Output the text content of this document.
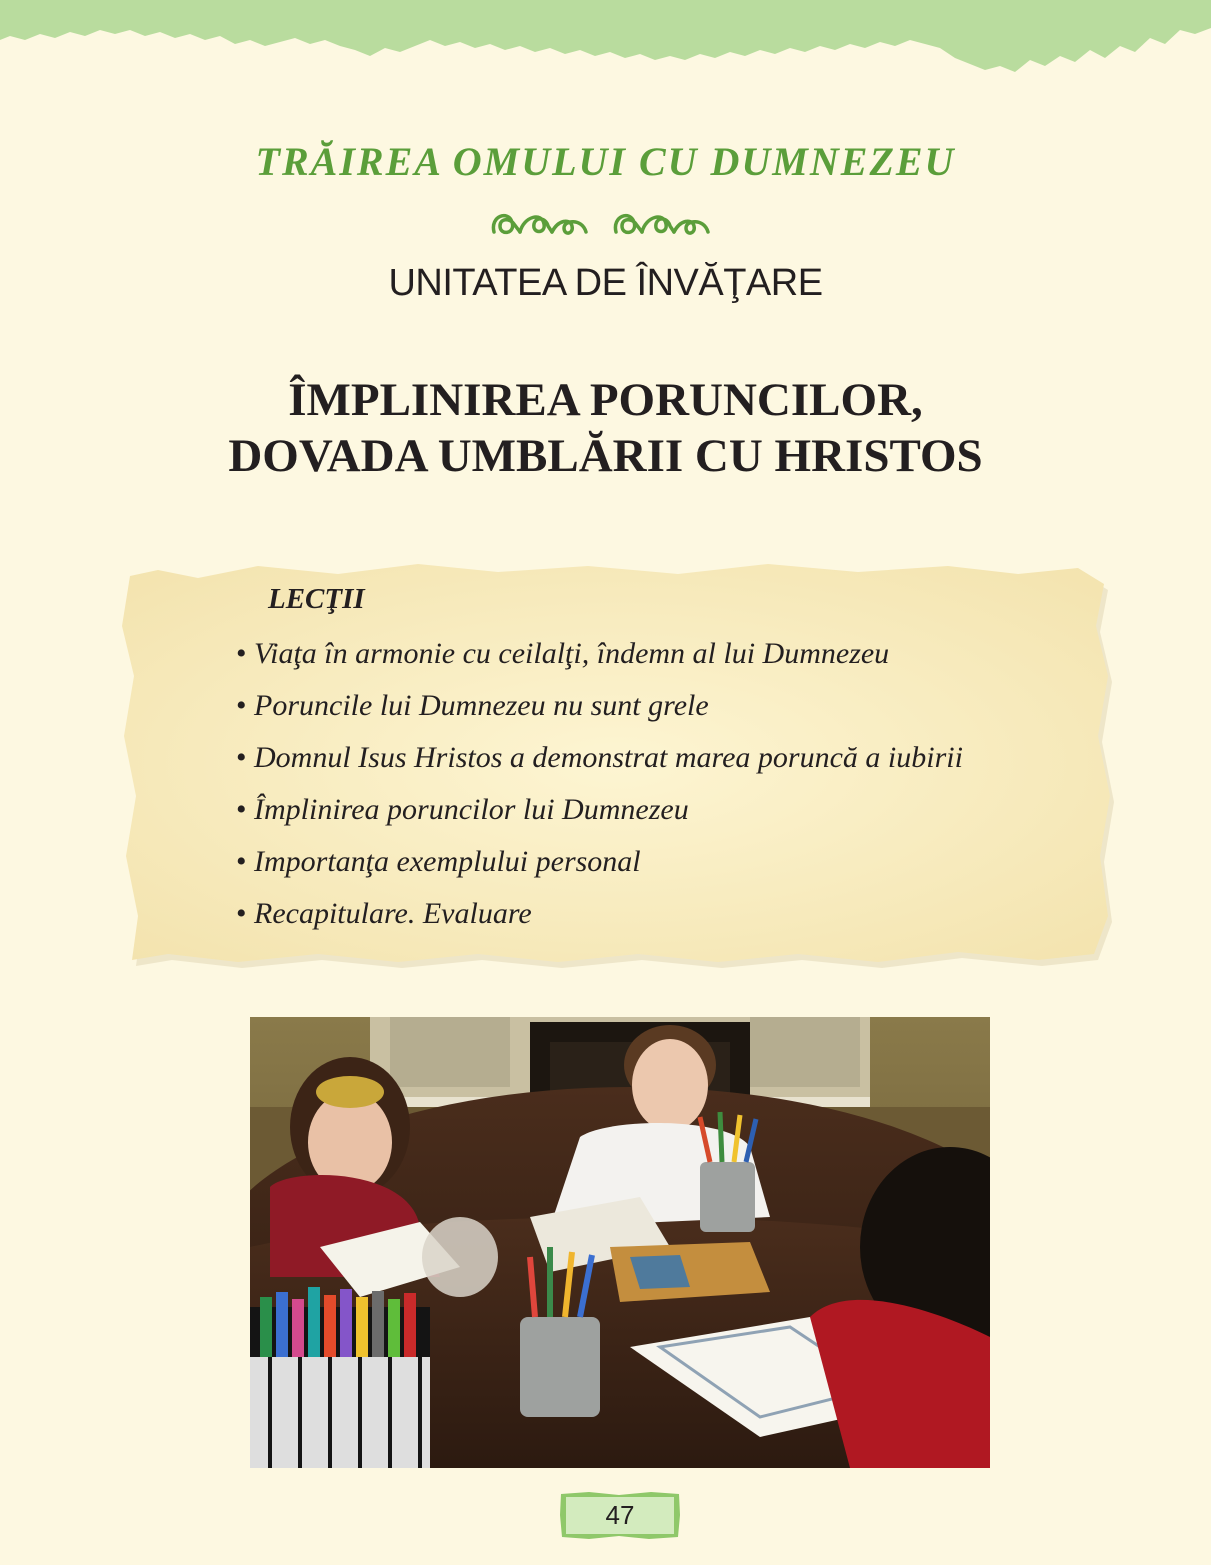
TRĂIREA OMULUI CU DUMNEZEU
UNITATEA DE ÎNVĂŢARE
ÎMPLINIREA PORUNCILOR,
DOVADA UMBLĂRII CU HRISTOS
LECŢII
• Viaţa în armonie cu ceilalţi, îndemn al lui Dumnezeu
• Poruncile lui Dumnezeu nu sunt grele
• Domnul Isus Hristos a demonstrat marea poruncă a iubirii
• Împlinirea poruncilor lui Dumnezeu
• Importanţa exemplului personal
• Recapitulare. Evaluare
47
